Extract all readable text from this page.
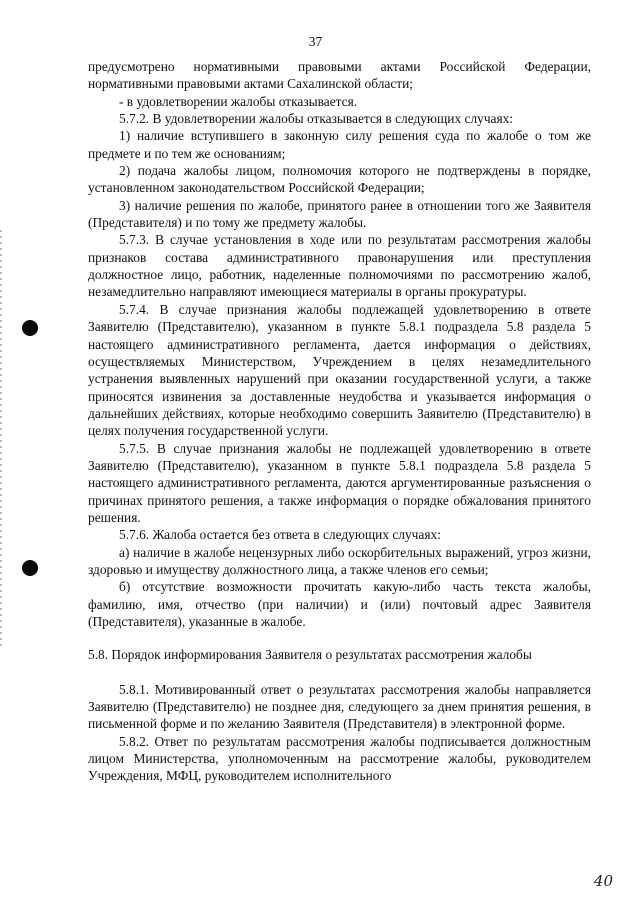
37

предусмотрено нормативными правовыми актами Российской Федерации, нормативными правовыми актами Сахалинской области;

- в удовлетворении жалобы отказывается.

5.7.2. В удовлетворении жалобы отказывается в следующих случаях:

1) наличие вступившего в законную силу решения суда по жалобе о том же предмете и по тем же основаниям;

2) подача жалобы лицом, полномочия которого не подтверждены в порядке, установленном законодательством Российской Федерации;

3) наличие решения по жалобе, принятого ранее в отношении того же Заявителя (Представителя) и по тому же предмету жалобы.

5.7.3. В случае установления в ходе или по результатам рассмотрения жалобы признаков состава административного правонарушения или преступления должностное лицо, работник, наделенные полномочиями по рассмотрению жалоб, незамедлительно направляют имеющиеся материалы в органы прокуратуры.

5.7.4. В случае признания жалобы подлежащей удовлетворению в ответе Заявителю (Представителю), указанном в пункте 5.8.1 подраздела 5.8 раздела 5 настоящего административного регламента, дается информация о действиях, осуществляемых Министерством, Учреждением в целях незамедлительного устранения выявленных нарушений при оказании государственной услуги, а также приносятся извинения за доставленные неудобства и указывается информация о дальнейших действиях, которые необходимо совершить Заявителю (Представителю) в целях получения государственной услуги.

5.7.5. В случае признания жалобы не подлежащей удовлетворению в ответе Заявителю (Представителю), указанном в пункте 5.8.1 подраздела 5.8 раздела 5 настоящего административного регламента, даются аргументированные разъяснения о причинах принятого решения, а также информация о порядке обжалования принятого решения.

5.7.6. Жалоба остается без ответа в следующих случаях:

а) наличие в жалобе нецензурных либо оскорбительных выражений, угроз жизни, здоровью и имуществу должностного лица, а также членов его семьи;

б) отсутствие возможности прочитать какую-либо часть текста жалобы, фамилию, имя, отчество (при наличии) и (или) почтовый адрес Заявителя (Представителя), указанные в жалобе.

5.8. Порядок информирования Заявителя о результатах рассмотрения жалобы

5.8.1. Мотивированный ответ о результатах рассмотрения жалобы направляется Заявителю (Представителю) не позднее дня, следующего за днем принятия решения, в письменной форме и по желанию Заявителя (Представителя) в электронной форме.

5.8.2. Ответ по результатам рассмотрения жалобы подписывается должностным лицом Министерства, уполномоченным на рассмотрение жалобы, руководителем Учреждения, МФЦ, руководителем исполнительного

40
